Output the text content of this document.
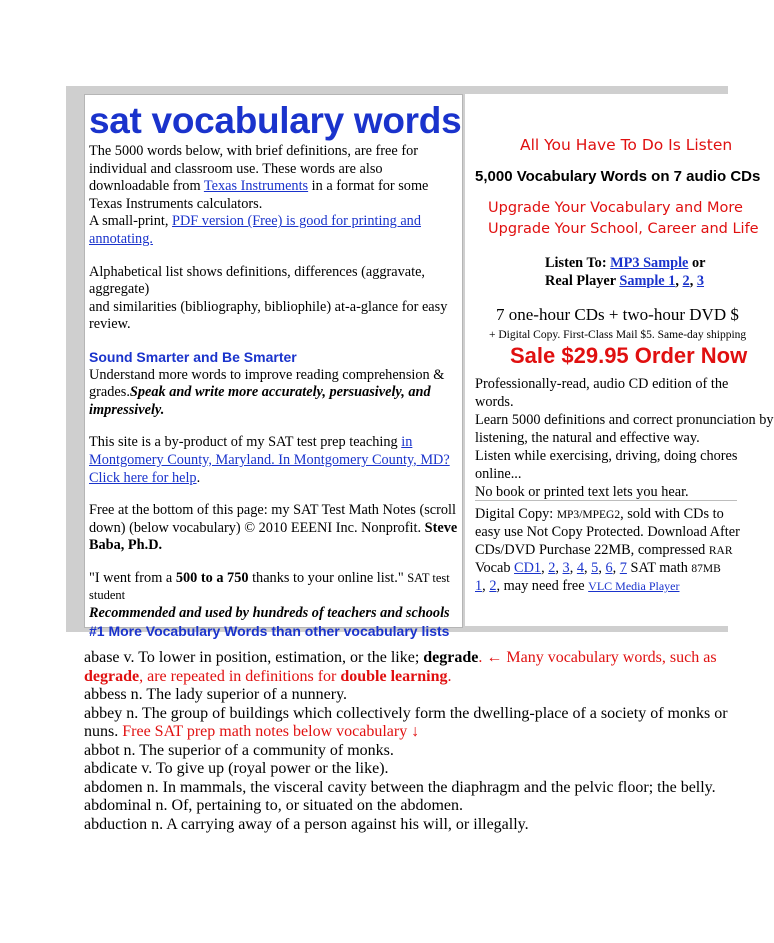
sat vocabulary words

The 5000 words below, with brief definitions, are free for individual and classroom use. These words are also downloadable from Texas Instruments in a format for some Texas Instruments calculators.

A small-print, PDF version (Free) is good for printing and annotating.

Alphabetical list shows definitions, differences (aggravate, aggregate)

and similarities (bibliography, bibliophile) at-a-glance for easy review.

Sound Smarter and Be Smarter

Understand more words to improve reading comprehension & grades.Speak and write more accurately, persuasively, and impressively.

This site is a by-product of my SAT test prep teaching in Montgomery County, Maryland. In Montgomery County, MD? Click here for help.

Free at the bottom of this page: my SAT Test Math Notes (scroll down) (below vocabulary) © 2010 EEENI Inc. Nonprofit. Steve Baba, Ph.D.

"I went from a 500 to a 750 thanks to your online list." SAT test student

Recommended and used by hundreds of teachers and schools

#1 More Vocabulary Words than other vocabulary lists
All You Have To Do Is Listen
5,000 Vocabulary Words on 7 audio CDs
Upgrade Your Vocabulary and More
Upgrade Your School, Career and Life
Listen To: MP3 Sample or
Real Player Sample 1, 2, 3
7 one-hour CDs + two-hour DVD $
+ Digital Copy. First-Class Mail $5. Same-day shipping
Sale $29.95 Order Now
Professionally-read, audio CD edition of the
words.
Learn 5000 definitions and correct pronunciation by
listening, the natural and effective way.
Listen while exercising, driving, doing chores
online...
No book or printed text lets you hear.
Digital Copy: MP3/MPEG2, sold with CDs to
easy use Not Copy Protected. Download After
CDs/DVD Purchase 22MB, compressed RAR
Vocab CD1, 2, 3, 4, 5, 6, 7 SAT math 87MB
1, 2, may need free VLC Media Player

abase v. To lower in position, estimation, or the like; degrade. ← Many vocabulary words, such as degrade, are repeated in definitions for double learning.

abbess n. The lady superior of a nunnery.

abbey n. The group of buildings which collectively form the dwelling-place of a society of monks or nuns. Free SAT prep math notes below vocabulary ↓

abbot n. The superior of a community of monks.

abdicate v. To give up (royal power or the like).

abdomen n. In mammals, the visceral cavity between the diaphragm and the pelvic floor; the belly.

abdominal n. Of, pertaining to, or situated on the abdomen.

abduction n. A carrying away of a person against his will, or illegally.
